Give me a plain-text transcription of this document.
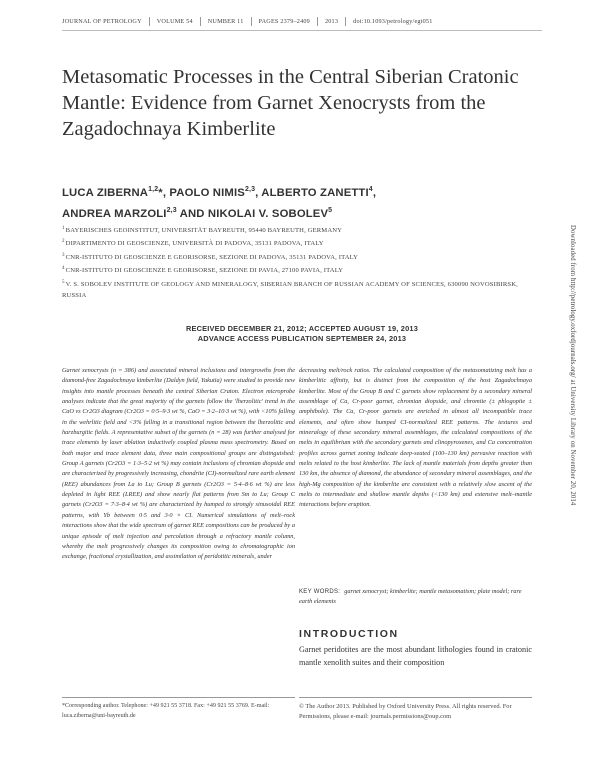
JOURNAL OF PETROLOGY VOLUME 54 NUMBER 11 PAGES 2379–2409 2013 doi:10.1093/petrology/egt051
Metasomatic Processes in the Central Siberian Cratonic Mantle: Evidence from Garnet Xenocrysts from the Zagadochnaya Kimberlite
LUCA ZIBERNA$^{1,2}$*, PAOLO NIMIS$^{2,3}$, ALBERTO ZANETTI$^4$,
ANDREA MARZOLI$^{2,3}$ AND NIKOLAI V. SOBOLEV$^5$
$^1$BAYERISCHES GEOINSTITUT, UNIVERSITÄT BAYREUTH, 95440 BAYREUTH, GERMANY
$^2$DIPARTIMENTO DI GEOSCIENZE, UNIVERSITÀ DI PADOVA, 35131 PADOVA, ITALY
$^3$CNR-ISTITUTO DI GEOSCIENZE E GEORISORSE, SEZIONE DI PADOVA, 35131 PADOVA, ITALY
$^4$CNR-ISTITUTO DI GEOSCIENZE E GEORISORSE, SEZIONE DI PAVIA, 27100 PAVIA, ITALY
$^5$V. S. SOBOLEV INSTITUTE OF GEOLOGY AND MINERALOGY, SIBERIAN BRANCH OF RUSSIAN ACADEMY OF SCIENCES, 630090 NOVOSIBIRSK, RUSSIA
RECEIVED DECEMBER 21, 2012; ACCEPTED AUGUST 19, 2013
ADVANCE ACCESS PUBLICATION SEPTEMBER 24, 2013
Garnet xenocrysts (n = 386) and associated mineral inclusions and intergrowths from the diamond-free Zagadochnaya kimberlite (Daldyn field, Yakutia) were studied to provide new insights into mantle processes beneath the central Siberian Craton. Electron microprobe analyses indicate that the great majority of the garnets follow the 'lherzolitic' trend in the CaO vs Cr2O3 diagram (Cr2O3 = 0·5–9·3 wt %, CaO = 3·2–10·3 wt %), with <10% falling in the wehrlitic field and <3% falling in a transitional region between the lherzolitic and harzburgitic fields. A representative subset of the garnets (n = 28) was further analysed for trace elements by laser ablation inductively coupled plasma mass spectrometry. Based on both major and trace element data, three main compositional groups are distinguished: Group A garnets (Cr2O3 = 1·3–5·2 wt %) may contain inclusions of chromian diopside and are characterized by progressively increasing, chondrite (CI)-normalized rare earth element (REE) abundances from La to Lu; Group B garnets (Cr2O3 = 5·4–8·6 wt %) are less depleted in light REE (LREE) and show nearly flat patterns from Sm to Lu; Group C garnets (Cr2O3 = 7·3–8·4 wt %) are characterized by humped to strongly sinusoidal REE patterns, with Yb between 0·5 and 3·0 × CI. Numerical simulations of melt–rock interactions show that the wide spectrum of garnet REE compositions can be produced by a unique episode of melt injection and percolation through a refractory mantle column, whereby the melt progressively changes its composition owing to chromatographic ion exchange, fractional crystallization, and assimilation of peridotitic minerals, under
decreasing melt/rock ratios. The calculated composition of the metasomatizing melt has a kimberlitic affinity, but is distinct from the composition of the host Zagadochnaya kimberlite. Most of the Group B and C garnets show replacement by a secondary mineral assemblage of Ca, Cr-poor garnet, chromian diopside, and chromite (± phlogopite ± amphibole). The Ca, Cr-poor garnets are enriched in almost all incompatible trace elements, and often show humped CI-normalized REE patterns. The textures and mineralogy of these secondary mineral assemblages, the calculated compositions of the melts in equilibrium with the secondary garnets and clinopyroxenes, and Ca concentration profiles across garnet zoning indicate deep-seated (100–130 km) pervasive reaction with melts related to the host kimberlite. The lack of mantle materials from depths greater than 130 km, the absence of diamond, the abundance of secondary mineral assemblages, and the high-Mg composition of the kimberlite are consistent with a relatively slow ascent of the melts to intermediate and shallow mantle depths (<130 km) and extensive melt–mantle interactions before eruption.
KEY WORDS: garnet xenocryst; kimberlite; mantle metasomatism; plate model; rare earth elements
INTRODUCTION
Garnet peridotites are the most abundant lithologies found in cratonic mantle xenolith suites and their composition
*Corresponding author. Telephone: +49 921 55 3718. Fax: +49 921 55 3769. E-mail: luca.ziberna@uni-bayreuth.de
© The Author 2013. Published by Oxford University Press. All rights reserved. For Permissions, please e-mail: journals.permissions@oup.com
Downloaded from http://petrology.oxfordjournals.org/ at University Library on November 20, 2014
